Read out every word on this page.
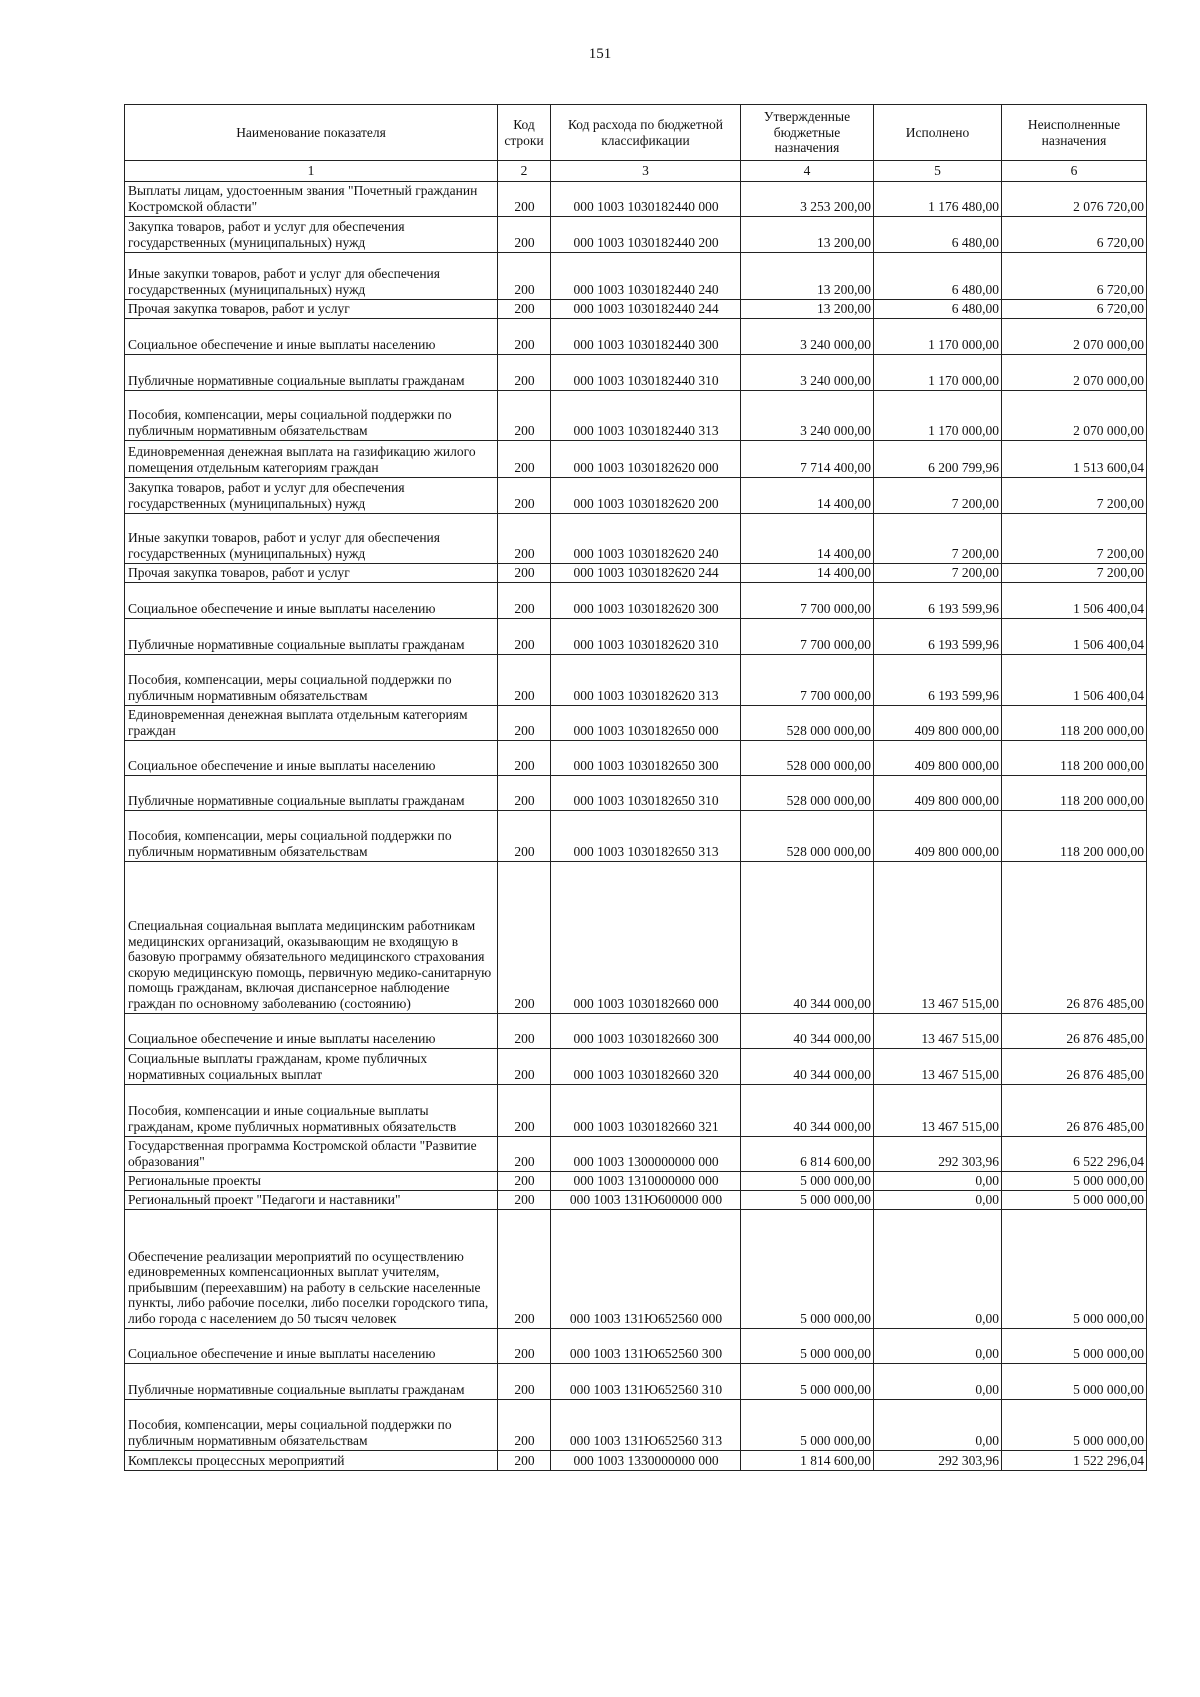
151
Наименование показателя	Код строки	Код расхода по бюджетной классификации	Утвержденные бюджетные назначения	Исполнено	Неисполненные назначения
1	2	3	4	5	6
Выплаты лицам, удостоенным звания "Почетный гражданин Костромской области"	200	000 1003 1030182440 000	3 253 200,00	1 176 480,00	2 076 720,00
Закупка товаров, работ и услуг для обеспечения государственных (муниципальных) нужд	200	000 1003 1030182440 200	13 200,00	6 480,00	6 720,00
Иные закупки товаров, работ и услуг для обеспечения государственных (муниципальных) нужд	200	000 1003 1030182440 240	13 200,00	6 480,00	6 720,00
Прочая закупка товаров, работ и услуг	200	000 1003 1030182440 244	13 200,00	6 480,00	6 720,00
Социальное обеспечение и иные выплаты населению	200	000 1003 1030182440 300	3 240 000,00	1 170 000,00	2 070 000,00
Публичные нормативные социальные выплаты гражданам	200	000 1003 1030182440 310	3 240 000,00	1 170 000,00	2 070 000,00
Пособия, компенсации, меры социальной поддержки по публичным нормативным обязательствам	200	000 1003 1030182440 313	3 240 000,00	1 170 000,00	2 070 000,00
Единовременная денежная выплата на газификацию жилого помещения отдельным категориям граждан	200	000 1003 1030182620 000	7 714 400,00	6 200 799,96	1 513 600,04
Закупка товаров, работ и услуг для обеспечения государственных (муниципальных) нужд	200	000 1003 1030182620 200	14 400,00	7 200,00	7 200,00
Иные закупки товаров, работ и услуг для обеспечения государственных (муниципальных) нужд	200	000 1003 1030182620 240	14 400,00	7 200,00	7 200,00
Прочая закупка товаров, работ и услуг	200	000 1003 1030182620 244	14 400,00	7 200,00	7 200,00
Социальное обеспечение и иные выплаты населению	200	000 1003 1030182620 300	7 700 000,00	6 193 599,96	1 506 400,04
Публичные нормативные социальные выплаты гражданам	200	000 1003 1030182620 310	7 700 000,00	6 193 599,96	1 506 400,04
Пособия, компенсации, меры социальной поддержки по публичным нормативным обязательствам	200	000 1003 1030182620 313	7 700 000,00	6 193 599,96	1 506 400,04
Единовременная денежная выплата отдельным категориям граждан	200	000 1003 1030182650 000	528 000 000,00	409 800 000,00	118 200 000,00
Социальное обеспечение и иные выплаты населению	200	000 1003 1030182650 300	528 000 000,00	409 800 000,00	118 200 000,00
Публичные нормативные социальные выплаты гражданам	200	000 1003 1030182650 310	528 000 000,00	409 800 000,00	118 200 000,00
Пособия, компенсации, меры социальной поддержки по публичным нормативным обязательствам	200	000 1003 1030182650 313	528 000 000,00	409 800 000,00	118 200 000,00
Специальная социальная выплата медицинским работникам медицинских организаций, оказывающим не входящую в базовую программу обязательного медицинского страхования скорую медицинскую помощь, первичную медико-санитарную помощь гражданам, включая диспансерное наблюдение граждан по основному заболеванию (состоянию)	200	000 1003 1030182660 000	40 344 000,00	13 467 515,00	26 876 485,00
Социальное обеспечение и иные выплаты населению	200	000 1003 1030182660 300	40 344 000,00	13 467 515,00	26 876 485,00
Социальные выплаты гражданам, кроме публичных нормативных социальных выплат	200	000 1003 1030182660 320	40 344 000,00	13 467 515,00	26 876 485,00
Пособия, компенсации и иные социальные выплаты гражданам, кроме публичных нормативных обязательств	200	000 1003 1030182660 321	40 344 000,00	13 467 515,00	26 876 485,00
Государственная программа Костромской области "Развитие образования"	200	000 1003 1300000000 000	6 814 600,00	292 303,96	6 522 296,04
Региональные проекты	200	000 1003 1310000000 000	5 000 000,00	0,00	5 000 000,00
Региональный проект "Педагоги и наставники"	200	000 1003 131Ю600000 000	5 000 000,00	0,00	5 000 000,00
Обеспечение реализации мероприятий по осуществлению единовременных компенсационных выплат учителям, прибывшим (переехавшим) на работу в сельские населенные пункты, либо рабочие поселки, либо поселки городского типа, либо города с населением до 50 тысяч человек	200	000 1003 131Ю652560 000	5 000 000,00	0,00	5 000 000,00
Социальное обеспечение и иные выплаты населению	200	000 1003 131Ю652560 300	5 000 000,00	0,00	5 000 000,00
Публичные нормативные социальные выплаты гражданам	200	000 1003 131Ю652560 310	5 000 000,00	0,00	5 000 000,00
Пособия, компенсации, меры социальной поддержки по публичным нормативным обязательствам	200	000 1003 131Ю652560 313	5 000 000,00	0,00	5 000 000,00
Комплексы процессных мероприятий	200	000 1003 1330000000 000	1 814 600,00	292 303,96	1 522 296,04
